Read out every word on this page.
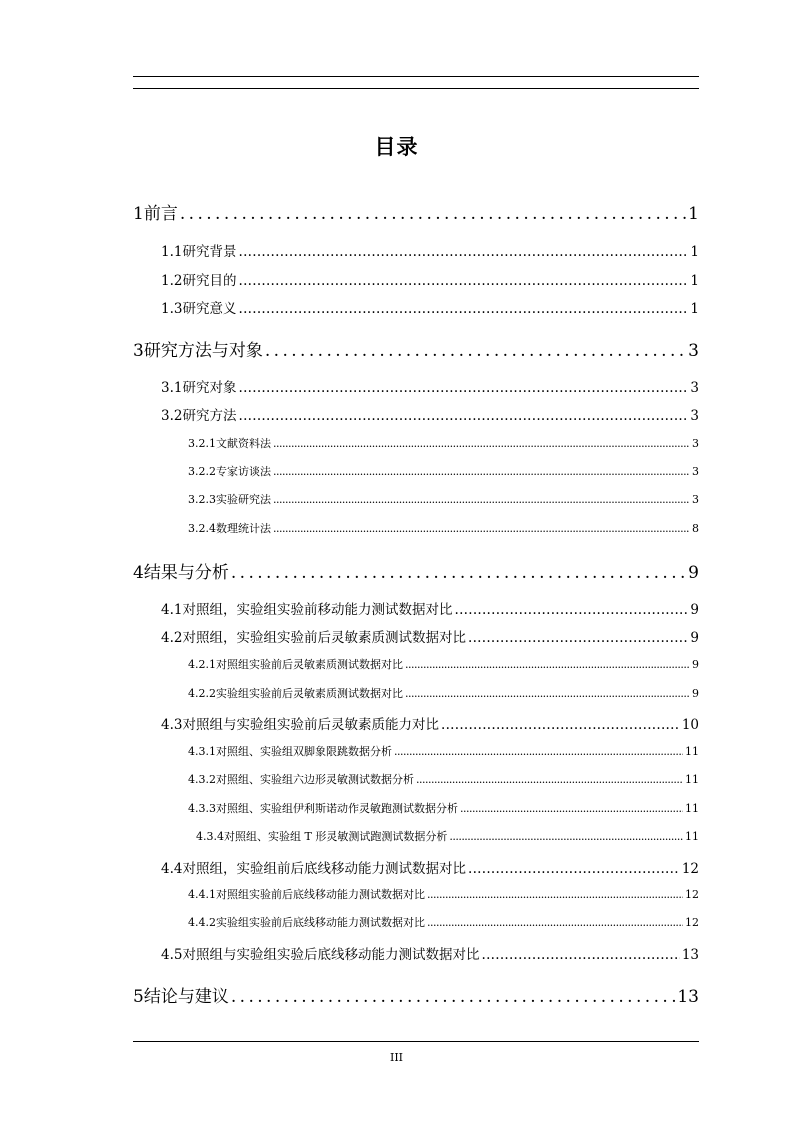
目录
1 前言 . . .	1
1.1 研究背景 . . .	1
1.2 研究目的 . . .	1
1.3 研究意义 . . .	1
3 研究方法与对象 . . .	3
3.1 研究对象 . . .	3
3.2 研究方法 . . .	3
3.2.1 文献资料法 . . .	3
3.2.2 专家访谈法 . . .	3
3.2.3 实验研究法 . . .	3
3.2.4 数理统计法 . . .	8
4 结果与分析 . . .	9
4.1 对照组，实验组实验前移动能力测试数据对比 . . .	9
4.2 对照组，实验组实验前后灵敏素质测试数据对比 . . .	9
4.2.1 对照组实验前后灵敏素质测试数据对比 . . .	9
4.2.2 实验组实验前后灵敏素质测试数据对比 . . .	9
4.3 对照组与实验组实验前后灵敏素质能力对比 . . .	10
4.3.1 对照组、实验组双脚象限跳数据分析 . . .	11
4.3.2 对照组、实验组六边形灵敏测试数据分析 . . .	11
4.3.3 对照组、实验组伊利斯诺动作灵敏跑测试数据分析 . . .	11
4.3.4 对照组、实验组 T 形灵敏测试跑测试数据分析 . . .	11
4.4 对照组，实验组前后底线移动能力测试数据对比 . . .	12
4.4.1 对照组实验前后底线移动能力测试数据对比 . . .	12
4.4.2 实验组实验前后底线移动能力测试数据对比 . . .	12
4.5 对照组与实验组实验后底线移动能力测试数据对比 . . .	13
5 结论与建议 . . .	13
III
